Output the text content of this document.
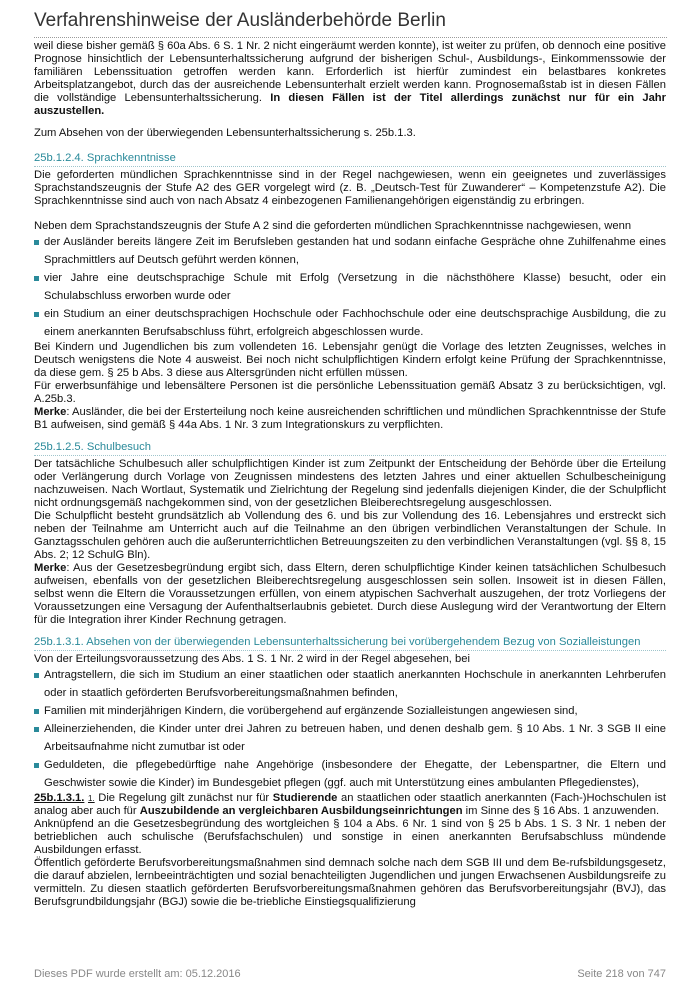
Verfahrenshinweise der Ausländerbehörde Berlin

weil diese bisher gemäß § 60a Abs. 6 S. 1 Nr. 2 nicht eingeräumt werden konnte), ist weiter zu prüfen, ob dennoch eine positive Prognose hinsichtlich der Lebensunterhaltssicherung aufgrund der bisherigen Schul-, Ausbildungs-, Einkommenssowie der familiären Lebenssituation getroffen werden kann. Erforderlich ist hierfür zumindest ein belastbares konkretes Arbeitsplatzangebot, durch das der ausreichende Lebensunterhalt erzielt werden kann. Prognosemaßstab ist in diesen Fällen die vollständige Lebensunterhaltssicherung. In diesen Fällen ist der Titel allerdings zunächst nur für ein Jahr auszustellen.

Zum Absehen von der überwiegenden Lebensunterhaltssicherung s. 25b.1.3.

25b.1.2.4. Sprachkenntnisse

Die geforderten mündlichen Sprachkenntnisse sind in der Regel nachgewiesen, wenn ein geeignetes und zuverlässiges Sprachstandszeugnis der Stufe A2 des GER vorgelegt wird (z. B. „Deutsch-Test für Zuwanderer“ – Kompetenzstufe A2). Die Sprachkenntnisse sind auch von nach Absatz 4 einbezogenen Familienangehörigen eigenständig zu erbringen.

Neben dem Sprachstandszeugnis der Stufe A 2 sind die geforderten mündlichen Sprachkenntnisse nachgewiesen, wenn

der Ausländer bereits längere Zeit im Berufsleben gestanden hat und sodann einfache Gespräche ohne Zuhilfenahme eines Sprachmittlers auf Deutsch geführt werden können,
vier Jahre eine deutschsprachige Schule mit Erfolg (Versetzung in die nächsthöhere Klasse) besucht, oder ein Schulabschluss erworben wurde oder
ein Studium an einer deutschsprachigen Hochschule oder Fachhochschule oder eine deutschsprachige Ausbildung, die zu einem anerkannten Berufsabschluss führt, erfolgreich abgeschlossen wurde.

Bei Kindern und Jugendlichen bis zum vollendeten 16. Lebensjahr genügt die Vorlage des letzten Zeugnisses, welches in Deutsch wenigstens die Note 4 ausweist. Bei noch nicht schulpflichtigen Kindern erfolgt keine Prüfung der Sprachkenntnisse, da diese gem. § 25 b Abs. 3 diese aus Altersgründen nicht erfüllen müssen.

Für erwerbsunfähige und lebensältere Personen ist die persönliche Lebenssituation gemäß Absatz 3 zu berücksichtigen, vgl. A.25b.3.

Merke: Ausländer, die bei der Ersterteilung noch keine ausreichenden schriftlichen und mündlichen Sprachkenntnisse der Stufe B1 aufweisen, sind gemäß § 44a Abs. 1 Nr. 3 zum Integrationskurs zu verpflichten.

25b.1.2.5. Schulbesuch

Der tatsächliche Schulbesuch aller schulpflichtigen Kinder ist zum Zeitpunkt der Entscheidung der Behörde über die Erteilung oder Verlängerung durch Vorlage von Zeugnissen mindestens des letzten Jahres und einer aktuellen Schulbescheinigung nachzuweisen. Nach Wortlaut, Systematik und Zielrichtung der Regelung sind jedenfalls diejenigen Kinder, die der Schulpflicht nicht ordnungsgemäß nachgekommen sind, von der gesetzlichen Bleiberechtsregelung ausgeschlossen.

Die Schulpflicht besteht grundsätzlich ab Vollendung des 6. und bis zur Vollendung des 16. Lebensjahres und erstreckt sich neben der Teilnahme am Unterricht auch auf die Teilnahme an den übrigen verbindlichen Veranstaltungen der Schule. In Ganztagsschulen gehören auch die außerunterrichtlichen Betreuungszeiten zu den verbindlichen Veranstaltungen (vgl. §§ 8, 15 Abs. 2; 12 SchulG Bln).

Merke: Aus der Gesetzesbegründung ergibt sich, dass Eltern, deren schulpflichtige Kinder keinen tatsächlichen Schulbesuch aufweisen, ebenfalls von der gesetzlichen Bleiberechtsregelung ausgeschlossen sein sollen. Insoweit ist in diesen Fällen, selbst wenn die Eltern die Voraussetzungen erfüllen, von einem atypischen Sachverhalt auszugehen, der trotz Vorliegens der Voraussetzungen eine Versagung der Aufenthaltserlaubnis gebietet. Durch diese Auslegung wird der Verantwortung der Eltern für die Integration ihrer Kinder Rechnung getragen.

25b.1.3.1. Absehen von der überwiegenden Lebensunterhaltssicherung bei vorübergehendem Bezug von Sozialleistungen

Von der Erteilungsvoraussetzung des Abs. 1 S. 1 Nr. 2 wird in der Regel abgesehen, bei

Antragstellern, die sich im Studium an einer staatlichen oder staatlich anerkannten Hochschule in anerkannten Lehrberufen oder in staatlich geförderten Berufsvorbereitungsmaßnahmen befinden,
Familien mit minderjährigen Kindern, die vorübergehend auf ergänzende Sozialleistungen angewiesen sind,
Alleinerziehenden, die Kinder unter drei Jahren zu betreuen haben, und denen deshalb gem. § 10 Abs. 1 Nr. 3 SGB II eine Arbeitsaufnahme nicht zumutbar ist oder
Geduldeten, die pflegebedürftige nahe Angehörige (insbesondere der Ehegatte, der Lebenspartner, die Eltern und Geschwister sowie die Kinder) im Bundesgebiet pflegen (ggf. auch mit Unterstützung eines ambulanten Pflegedienstes),

25b.1.3.1. 1. Die Regelung gilt zunächst nur für Studierende an staatlichen oder staatlich anerkannten (Fach-)Hochschulen ist analog aber auch für Auszubildende an vergleichbaren Ausbildungseinrichtungen im Sinne des § 16 Abs. 1 anzuwenden.

Anknüpfend an die Gesetzesbegründung des wortgleichen § 104 a Abs. 6 Nr. 1 sind von § 25 b Abs. 1 S. 3 Nr. 1 neben der betrieblichen auch schulische (Berufsfachschulen) und sonstige in einen anerkannten Berufsabschluss mündende Ausbildungen erfasst.

Öffentlich geförderte Berufsvorbereitungsmaßnahmen sind demnach solche nach dem SGB III und dem Be-rufsbildungsgesetz, die darauf abzielen, lernbeeinträchtigten und sozial benachteiligten Jugendlichen und jungen Erwachsenen Ausbildungsreife zu vermitteln. Zu diesen staatlich geförderten Berufsvorbereitungsmaßnahmen gehören das Berufsvorbereitungsjahr (BVJ), das Berufsgrundbildungsjahr (BGJ) sowie die be-triebliche Einstiegsqualifizierung

Dieses PDF wurde erstellt am: 05.12.2016	Seite 218 von 747
